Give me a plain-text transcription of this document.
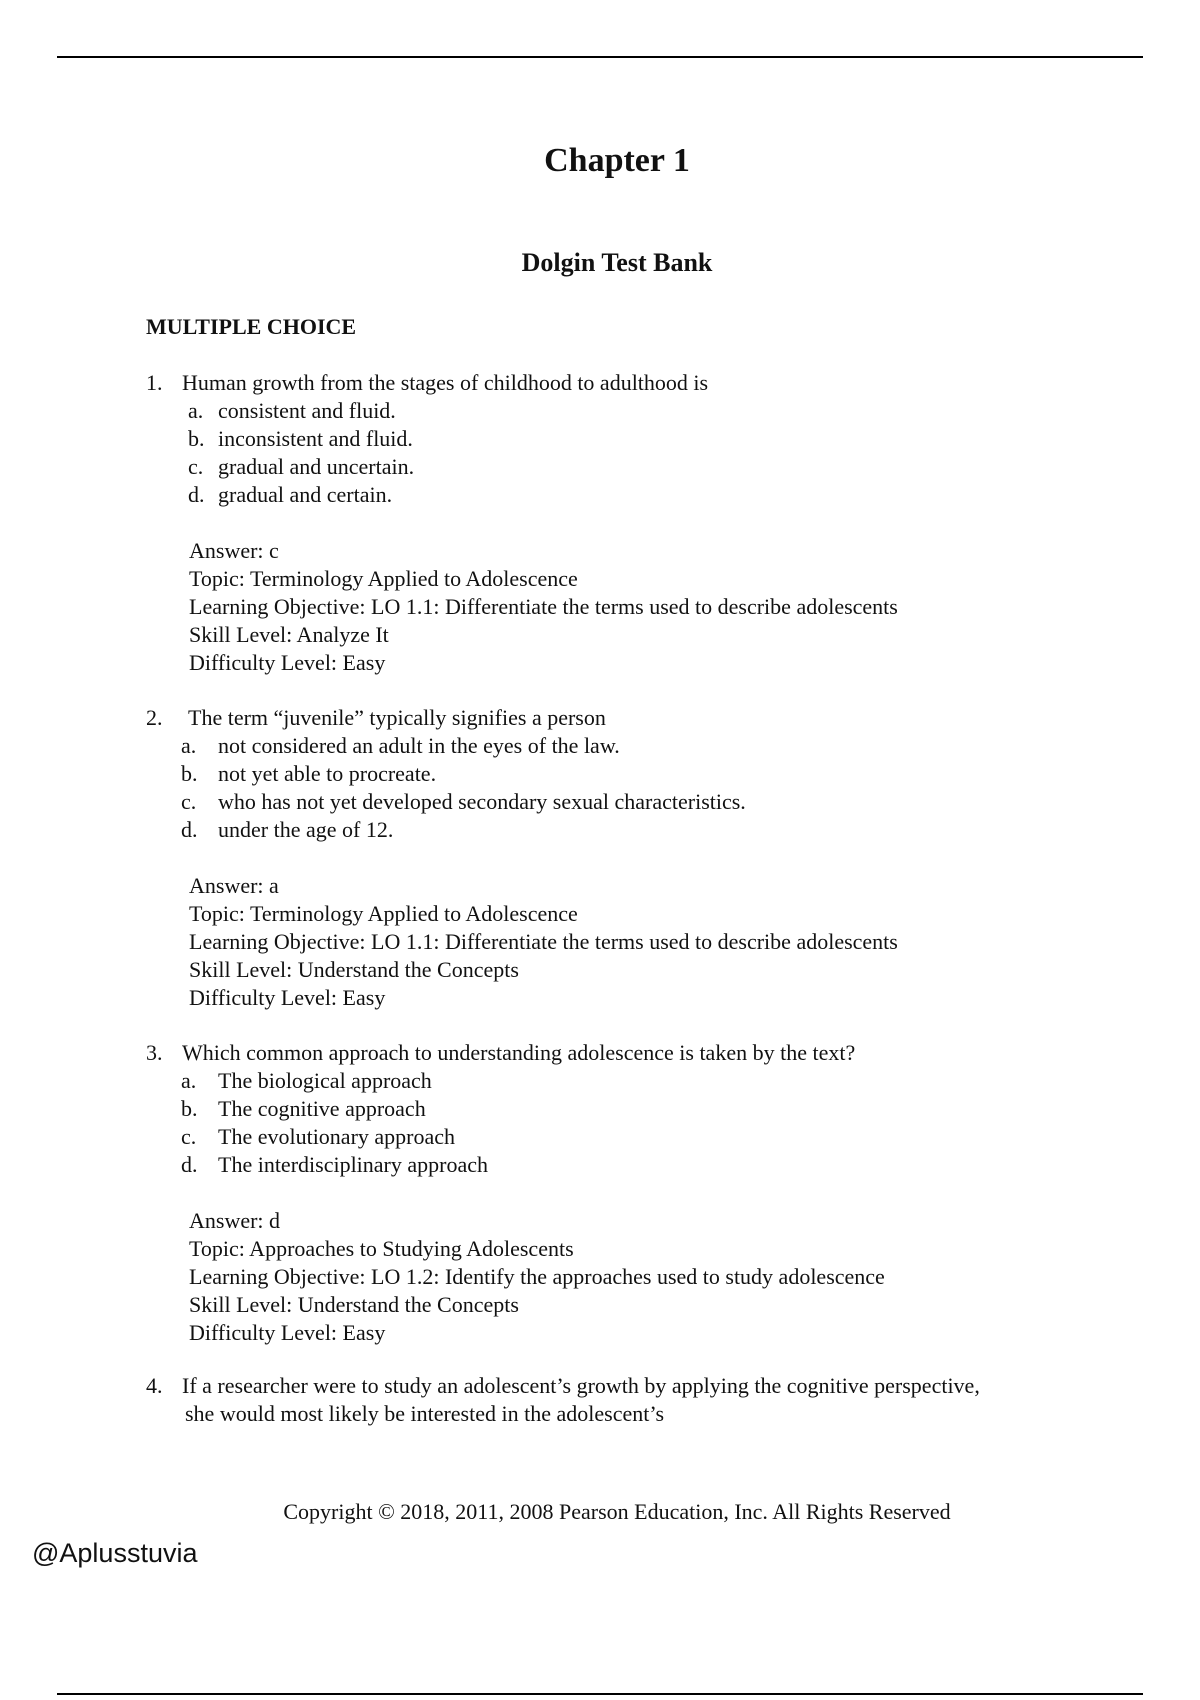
Chapter 1
Dolgin Test Bank
MULTIPLE CHOICE
1. Human growth from the stages of childhood to adulthood is
a. consistent and fluid.
b. inconsistent and fluid.
c. gradual and uncertain.
d. gradual and certain.
Answer: c
Topic: Terminology Applied to Adolescence
Learning Objective: LO 1.1: Differentiate the terms used to describe adolescents
Skill Level: Analyze It
Difficulty Level: Easy
2. The term “juvenile” typically signifies a person
a. not considered an adult in the eyes of the law.
b. not yet able to procreate.
c. who has not yet developed secondary sexual characteristics.
d. under the age of 12.
Answer: a
Topic: Terminology Applied to Adolescence
Learning Objective: LO 1.1: Differentiate the terms used to describe adolescents
Skill Level: Understand the Concepts
Difficulty Level: Easy
3. Which common approach to understanding adolescence is taken by the text?
a. The biological approach
b. The cognitive approach
c. The evolutionary approach
d. The interdisciplinary approach
Answer: d
Topic: Approaches to Studying Adolescents
Learning Objective: LO 1.2: Identify the approaches used to study adolescence
Skill Level: Understand the Concepts
Difficulty Level: Easy
4. If a researcher were to study an adolescent’s growth by applying the cognitive perspective,
she would most likely be interested in the adolescent’s
Copyright © 2018, 2011, 2008 Pearson Education, Inc. All Rights Reserved
@Aplusstuvia
